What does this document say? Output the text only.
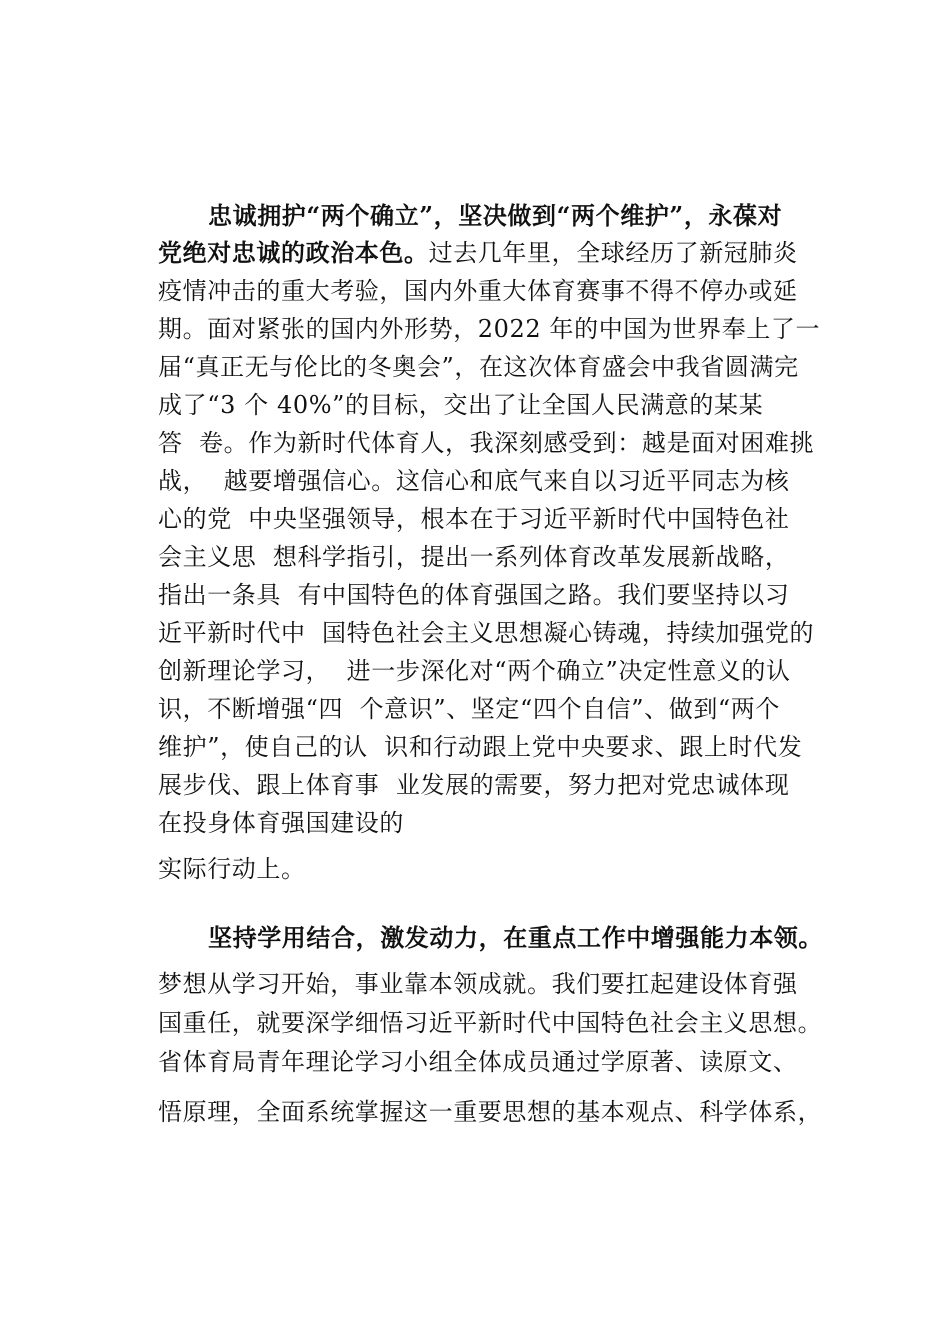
忠诚拥护“两个确立”，坚决做到“两个维护”，永葆对
党绝对忠诚的政治本色。过去几年里，全球经历了新冠肺炎
疫情冲击的重大考验，国内外重大体育赛事不得不停办或延
期。面对紧张的国内外形势，2022 年的中国为世界奉上了一
届“真正无与伦比的冬奥会”，在这次体育盛会中我省圆满完
成了“3 个 40%”的目标，交出了让全国人民满意的某某
答  卷。作为新时代体育人，我深刻感受到：越是面对困难挑
战，  越要增强信心。这信心和底气来自以习近平同志为核
心的党  中央坚强领导，根本在于习近平新时代中国特色社
会主义思  想科学指引，提出一系列体育改革发展新战略，
指出一条具  有中国特色的体育强国之路。我们要坚持以习
近平新时代中  国特色社会主义思想凝心铸魂，持续加强党的
创新理论学习，  进一步深化对“两个确立”决定性意义的认
识，不断增强“四  个意识”、坚定“四个自信”、做到“两个
维护”，使自己的认  识和行动跟上党中央要求、跟上时代发
展步伐、跟上体育事  业发展的需要，努力把对党忠诚体现
在投身体育强国建设的
实际行动上。
坚持学用结合，激发动力，在重点工作中增强能力本领。
梦想从学习开始，事业靠本领成就。我们要扛起建设体育强
国重任，就要深学细悟习近平新时代中国特色社会主义思想。
省体育局青年理论学习小组全体成员通过学原著、读原文、
悟原理，全面系统掌握这一重要思想的基本观点、科学体系，
